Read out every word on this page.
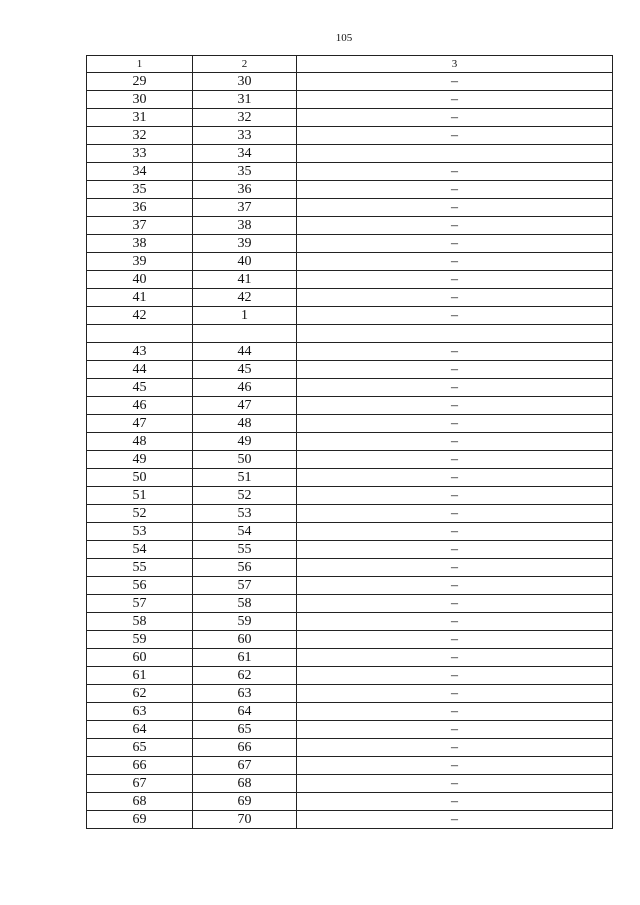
105
1	2	3
29	30	–
30	31	–
31	32	–
32	33	–
33	34	
34	35	–
35	36	–
36	37	–
37	38	–
38	39	–
39	40	–
40	41	–
41	42	–
42	1	–

43	44	–
44	45	–
45	46	–
46	47	–
47	48	–
48	49	–
49	50	–
50	51	–
51	52	–
52	53	–
53	54	–
54	55	–
55	56	–
56	57	–
57	58	–
58	59	–
59	60	–
60	61	–
61	62	–
62	63	–
63	64	–
64	65	–
65	66	–
66	67	–
67	68	–
68	69	–
69	70	–
